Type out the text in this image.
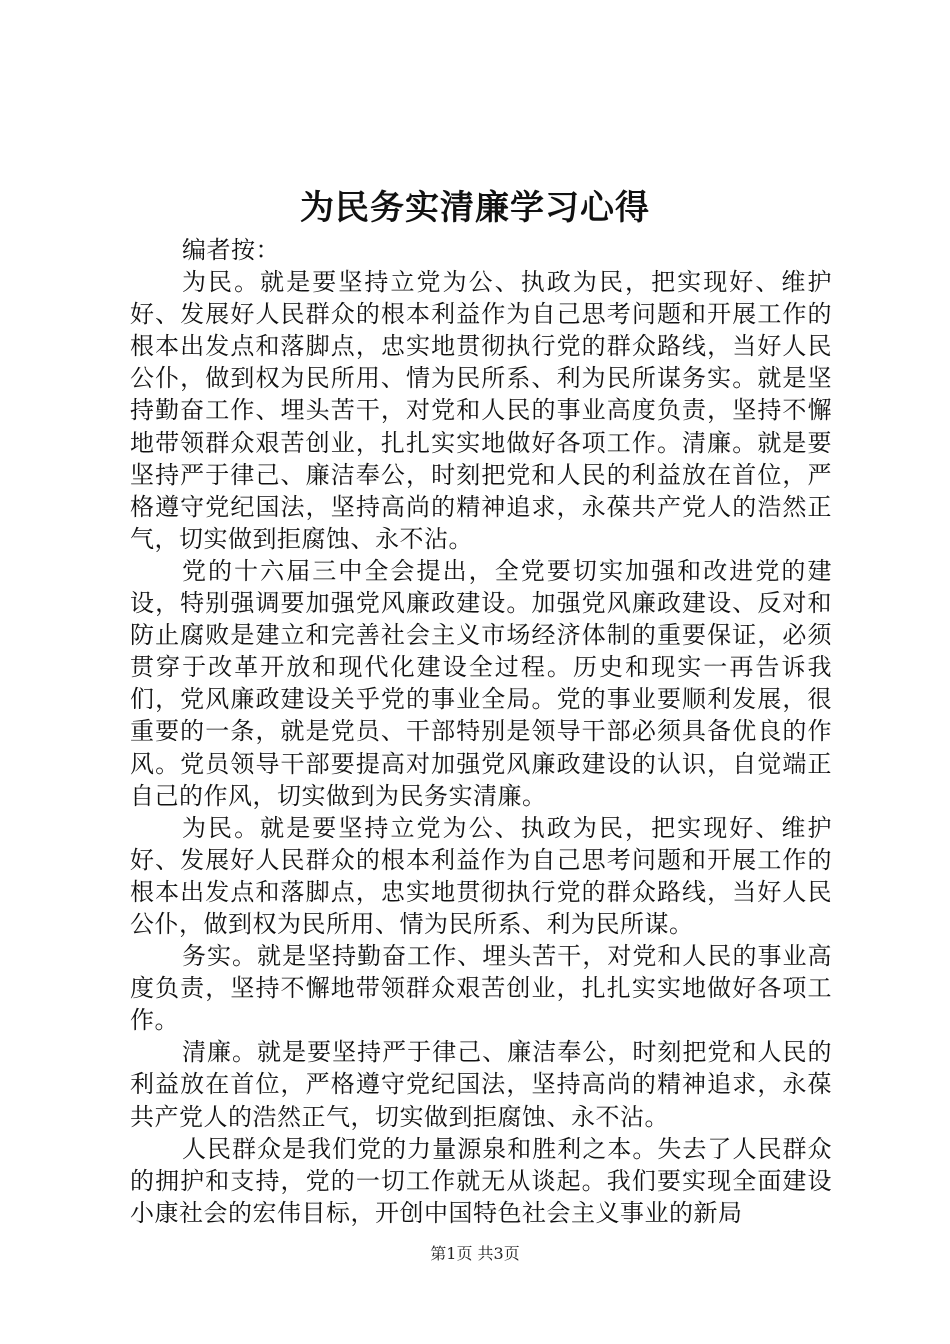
为民务实清廉学习心得

编者按：

为民。就是要坚持立党为公、执政为民，把实现好、维护好、发展好人民群众的根本利益作为自己思考问题和开展工作的根本出发点和落脚点，忠实地贯彻执行党的群众路线，当好人民公仆，做到权为民所用、情为民所系、利为民所谋务实。就是坚持勤奋工作、埋头苦干，对党和人民的事业高度负责，坚持不懈地带领群众艰苦创业，扎扎实实地做好各项工作。清廉。就是要坚持严于律己、廉洁奉公，时刻把党和人民的利益放在首位，严格遵守党纪国法，坚持高尚的精神追求，永葆共产党人的浩然正气，切实做到拒腐蚀、永不沾。

党的十六届三中全会提出，全党要切实加强和改进党的建设，特别强调要加强党风廉政建设。加强党风廉政建设、反对和防止腐败是建立和完善社会主义市场经济体制的重要保证，必须贯穿于改革开放和现代化建设全过程。历史和现实一再告诉我们，党风廉政建设关乎党的事业全局。党的事业要顺利发展，很重要的一条，就是党员、干部特别是领导干部必须具备优良的作风。党员领导干部要提高对加强党风廉政建设的认识，自觉端正自己的作风，切实做到为民务实清廉。

为民。就是要坚持立党为公、执政为民，把实现好、维护好、发展好人民群众的根本利益作为自己思考问题和开展工作的根本出发点和落脚点，忠实地贯彻执行党的群众路线，当好人民公仆，做到权为民所用、情为民所系、利为民所谋。

务实。就是坚持勤奋工作、埋头苦干，对党和人民的事业高度负责，坚持不懈地带领群众艰苦创业，扎扎实实地做好各项工作。

清廉。就是要坚持严于律己、廉洁奉公，时刻把党和人民的利益放在首位，严格遵守党纪国法，坚持高尚的精神追求，永葆共产党人的浩然正气，切实做到拒腐蚀、永不沾。

人民群众是我们党的力量源泉和胜利之本。失去了人民群众的拥护和支持，党的一切工作就无从谈起。我们要实现全面建设小康社会的宏伟目标，开创中国特色社会主义事业的新局

第1页 共3页
